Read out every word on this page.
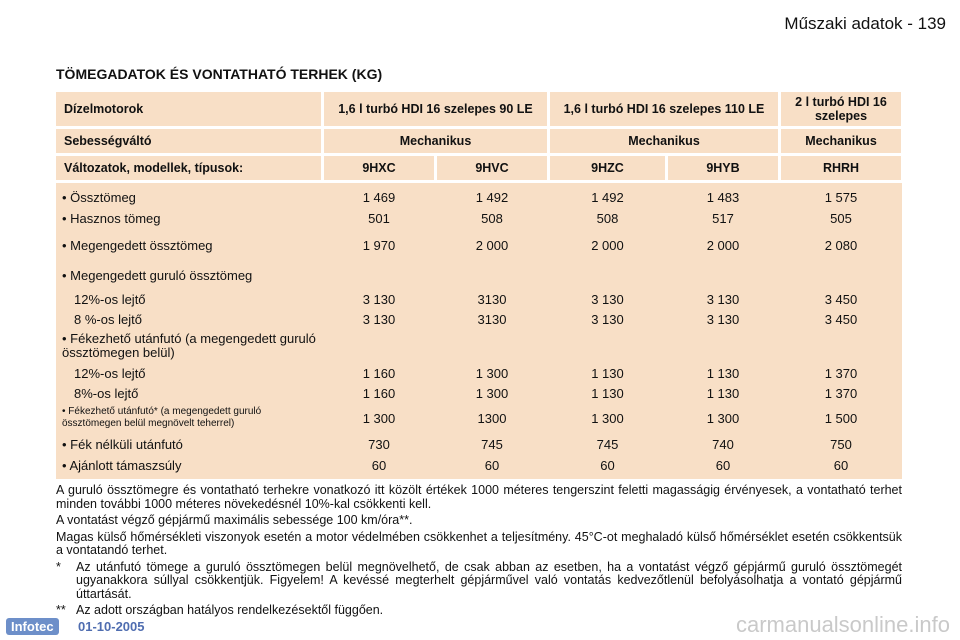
Műszaki adatok - 139
TÖMEGADATOK ÉS VONTATHATÓ TERHEK (KG)
Dízelmotorok	1,6 l turbó HDI 16 szelepes 90 LE	1,6 l turbó HDI 16 szelepes 110 LE	2 l turbó HDI 16 szelepes
Sebességváltó	Mechanikus	Mechanikus	Mechanikus
Változatok, modellek, típusok:	9HXC	9HVC	9HZC	9HYB	RHRH
• Össztömeg	1 469	1 492	1 492	1 483	1 575
• Hasznos tömeg	501	508	508	517	505
• Megengedett össztömeg	1 970	2 000	2 000	2 000	2 080
• Megengedett guruló össztömeg
12%-os lejtő	3 130	3130	3 130	3 130	3 450
8 %-os lejtő	3 130	3130	3 130	3 130	3 450
• Fékezhető utánfutó (a megengedett guruló össztömegen belül)
12%-os lejtő	1 160	1 300	1 130	1 130	1 370
8%-os lejtő	1 160	1 300	1 130	1 130	1 370
• Fékezhető utánfutó* (a megengedett guruló össztömegen belül megnövelt teherrel)	1 300	1300	1 300	1 300	1 500
• Fék nélküli utánfutó	730	745	745	740	750
• Ajánlott támaszsúly	60	60	60	60	60

A guruló össztömegre és vontatható terhekre vonatkozó itt közölt értékek 1000 méteres tengerszint feletti magasságig érvényesek, a vontatható terhet minden további 1000 méteres növekedésnél 10%-kal csökkenti kell.

A vontatást végző gépjármű maximális sebessége 100 km/óra**.

Magas külső hőmérsékleti viszonyok esetén a motor védelmében csökkenhet a teljesítmény. 45°C-ot meghaladó külső hőmérséklet esetén csökkentsük a vontatandó terhet.

*	Az utánfutó tömege a guruló össztömegen belül megnövelhető, de csak abban az esetben, ha a vontatást végző gépjármű guruló össztömegét ugyanakkora súllyal csökkentjük. Figyelem! A kevéssé megterhelt gépjárművel való vontatás kedvezőtlenül befolyásolhatja a vontató gépjármű úttartását.
** Az adott országban hatályos rendelkezésektől függően.
Infotec	01-10-2005	carmanualsonline.info
